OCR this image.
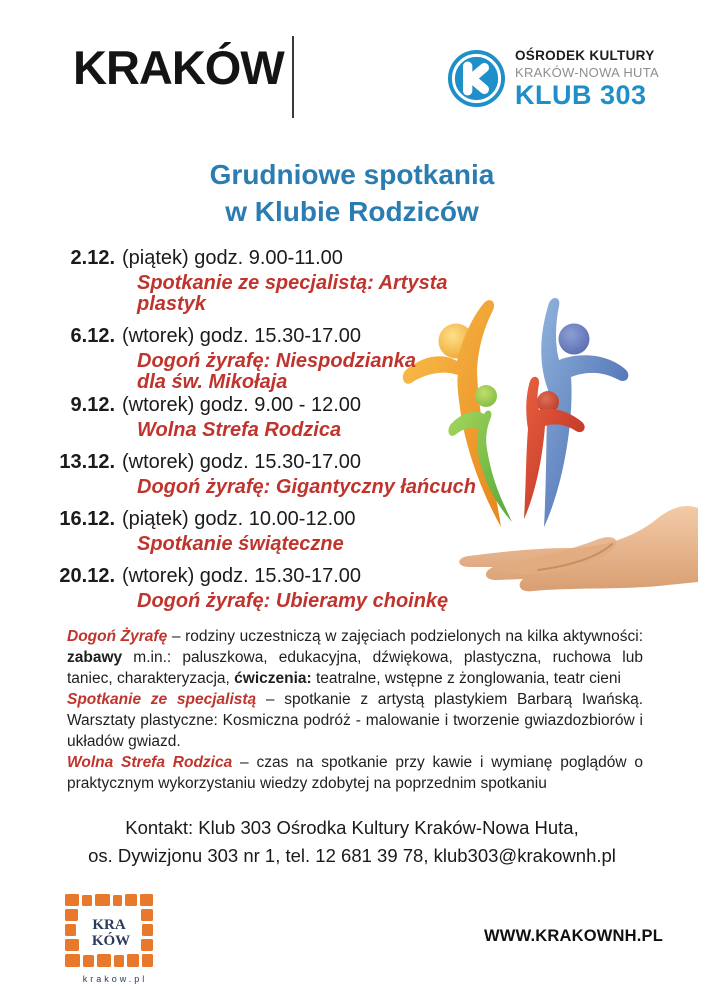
KRAKÓW	OŚRODEK KULTURY
KRAKÓW-NOWA HUTA
KLUB 303
Grudniowe spotkania
w Klubie Rodziców
2.12. (piątek) godz. 9.00-11.00
Spotkanie ze specjalistą: Artysta plastyk
6.12. (wtorek) godz. 15.30-17.00
Dogoń żyrafę: Niespodzianka dla św. Mikołaja
9.12. (wtorek) godz. 9.00 - 12.00
Wolna Strefa Rodzica
13.12. (wtorek) godz. 15.30-17.00
Dogoń żyrafę: Gigantyczny łańcuch
16.12. (piątek) godz. 10.00-12.00
Spotkanie świąteczne
20.12. (wtorek) godz. 15.30-17.00
Dogoń żyrafę: Ubieramy choinkę

Dogoń Żyrafę – rodziny uczestniczą w zajęciach podzielonych na kilka aktywności: zabawy m.in.: paluszkowa, edukacyjna, dźwiękowa, plastyczna, ruchowa lub taniec, charakteryzacja, ćwiczenia: teatralne, wstępne z żonglowania, teatr cieni

Spotkanie ze specjalistą – spotkanie z artystą plastykiem Barbarą Iwańską. Warsztaty plastyczne: Kosmiczna podróż - malowanie i tworzenie gwiazdozbiorów i układów gwiazd.

Wolna Strefa Rodzica – czas na spotkanie przy kawie i wymianę poglądów o praktycznym wykorzystaniu wiedzy zdobytej na poprzednim spotkaniu

Kontakt: Klub 303 Ośrodka Kultury Kraków-Nowa Huta,
os. Dywizjonu 303 nr 1, tel. 12 681 39 78, klub303@krakownh.pl
KRA
KÓW
krakow.pl
WWW.KRAKOWNH.PL
